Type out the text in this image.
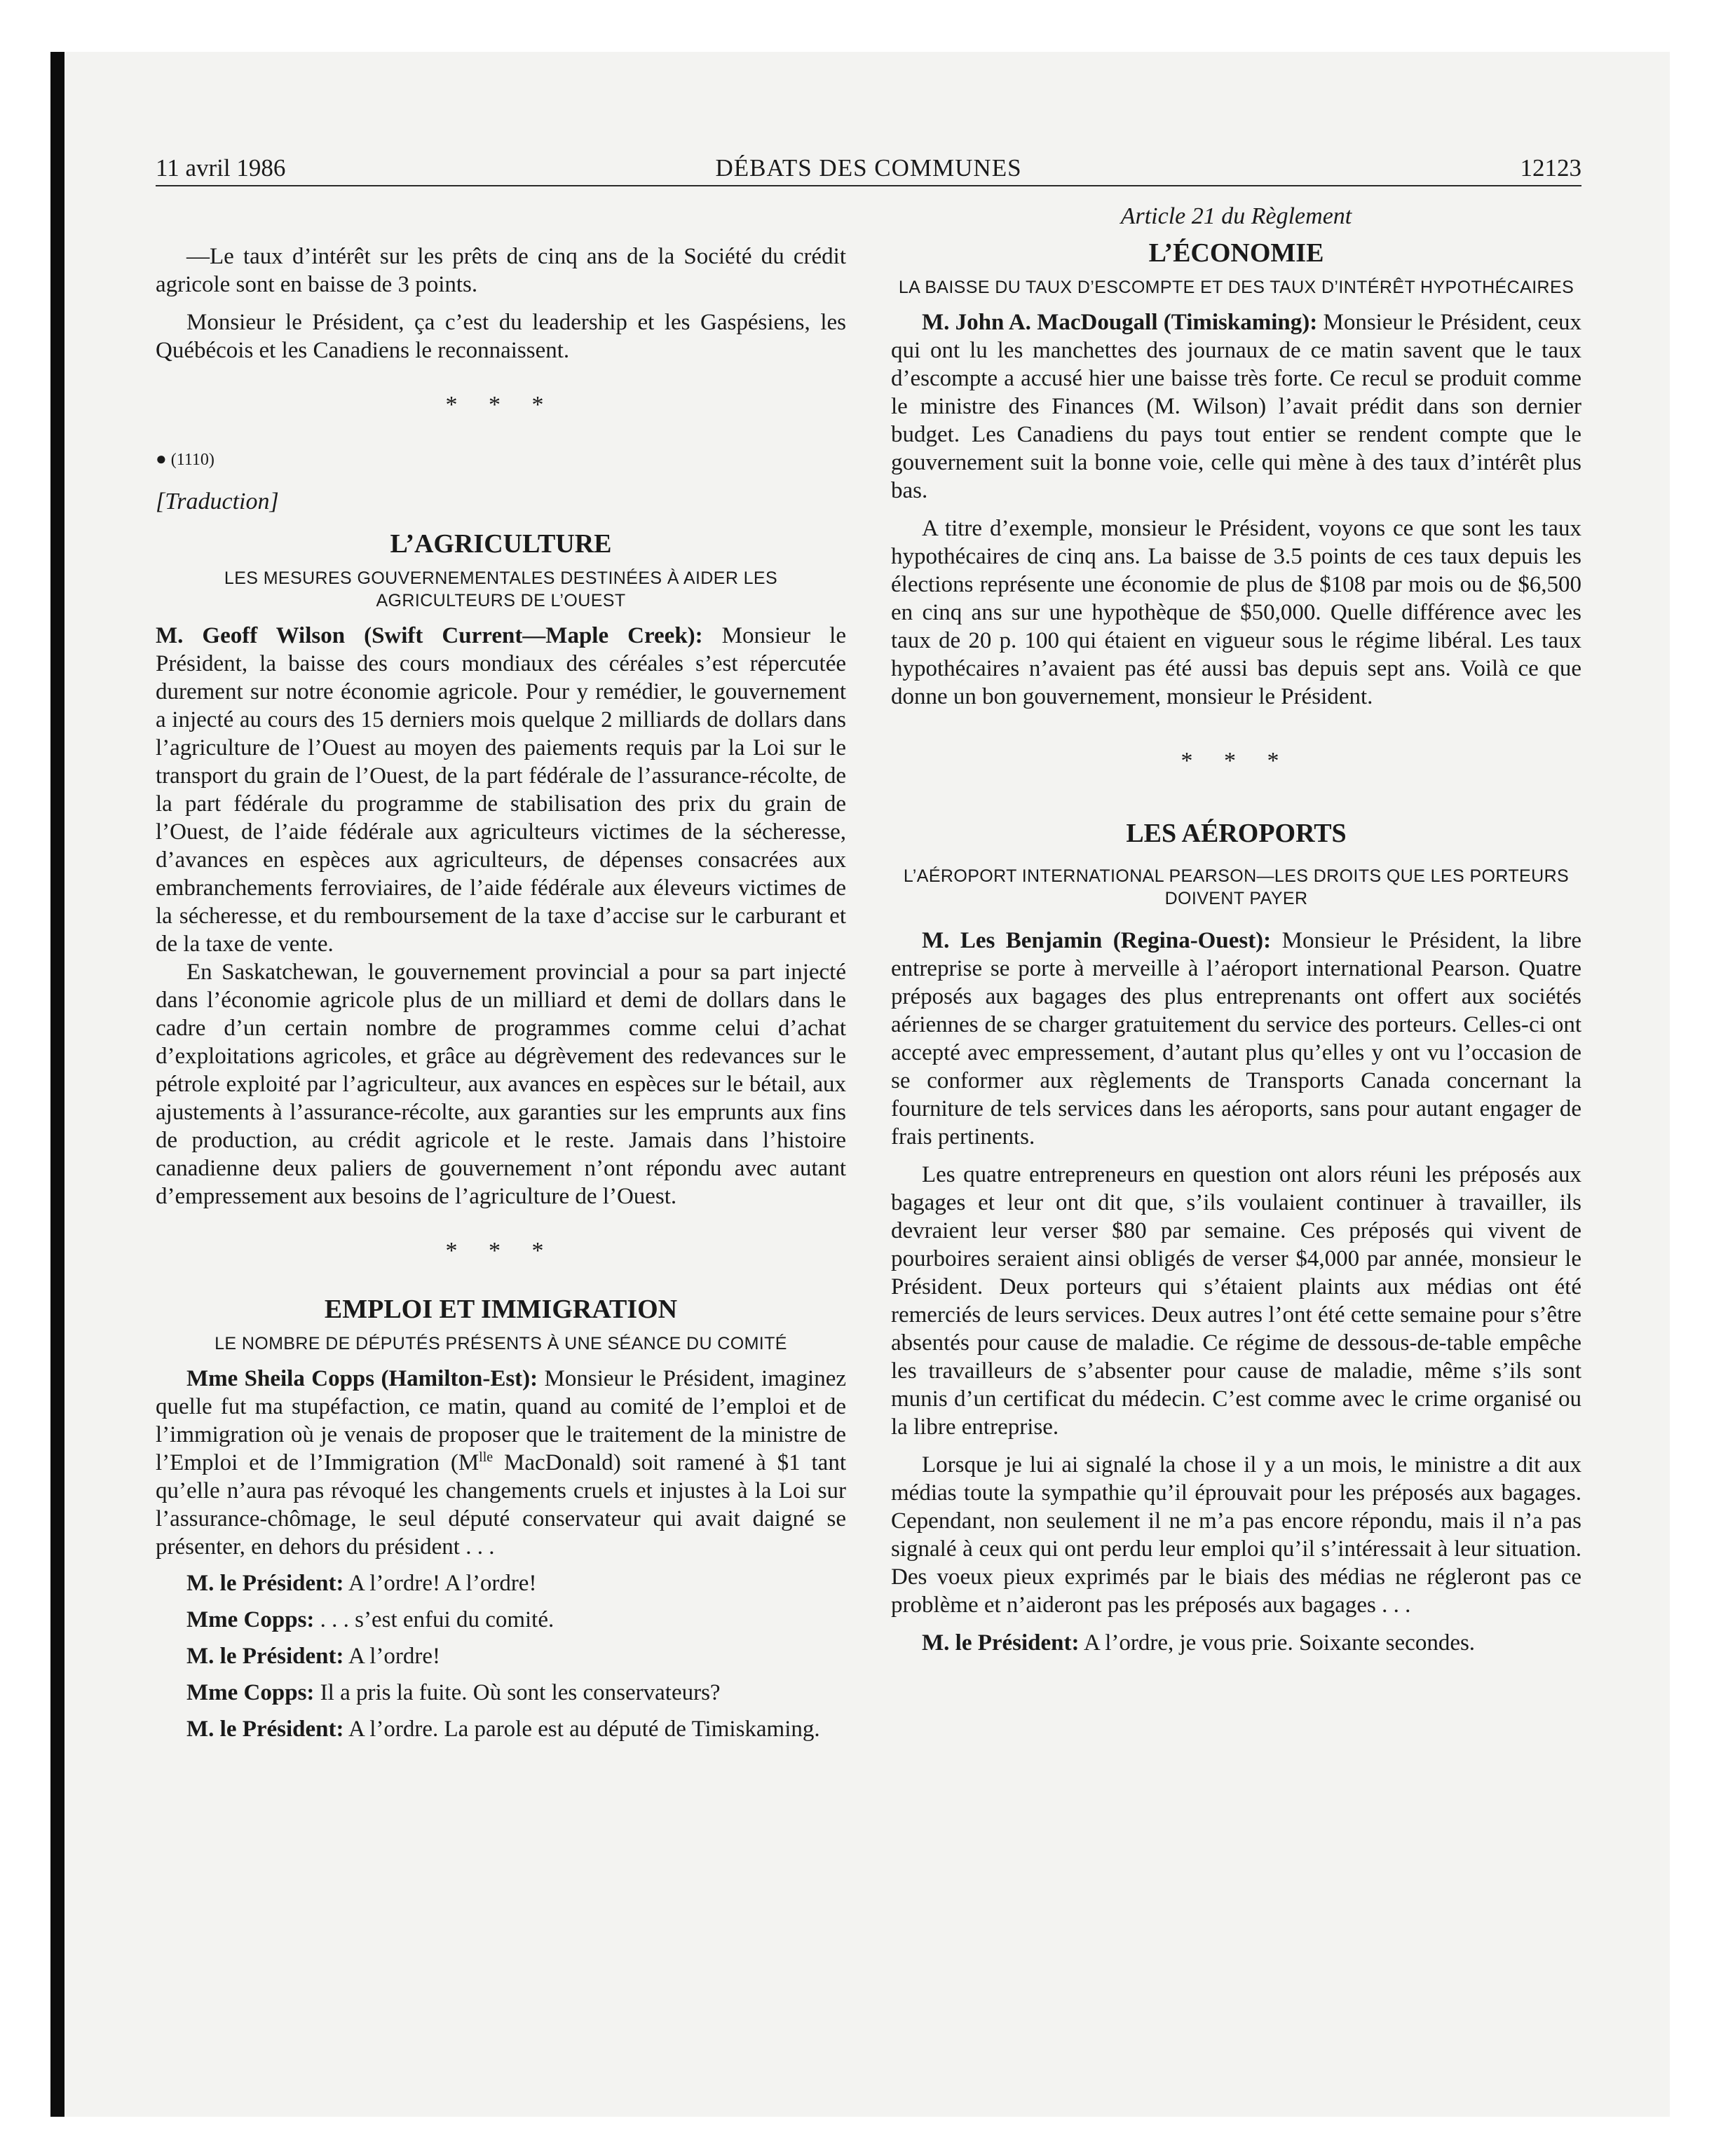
DÉBATS DES COMMUNES
11 avril 1986	12123

—Le taux d’intérêt sur les prêts de cinq ans de la Société du crédit agricole sont en baisse de 3 points.

Monsieur le Président, ça c’est du leadership et les Gaspésiens, les Québécois et les Canadiens le reconnaissent.

* * *
● (1110)
[Traduction]
L’AGRICULTURE
LES MESURES GOUVERNEMENTALES DESTINÉES À AIDER LES AGRICULTEURS DE L’OUEST

M. Geoff Wilson (Swift Current—Maple Creek): Monsieur le Président, la baisse des cours mondiaux des céréales s’est répercutée durement sur notre économie agricole. Pour y remédier, le gouvernement a injecté au cours des 15 derniers mois quelque 2 milliards de dollars dans l’agriculture de l’Ouest au moyen des paiements requis par la Loi sur le transport du grain de l’Ouest, de la part fédérale de l’assurance-récolte, de la part fédérale du programme de stabilisation des prix du grain de l’Ouest, de l’aide fédérale aux agriculteurs victimes de la sécheresse, d’avances en espèces aux agriculteurs, de dépenses consacrées aux embranchements ferroviaires, de l’aide fédérale aux éleveurs victimes de la sécheresse, et du remboursement de la taxe d’accise sur le carburant et de la taxe de vente.

En Saskatchewan, le gouvernement provincial a pour sa part injecté dans l’économie agricole plus de un milliard et demi de dollars dans le cadre d’un certain nombre de programmes comme celui d’achat d’exploitations agricoles, et grâce au dégrèvement des redevances sur le pétrole exploité par l’agriculteur, aux avances en espèces sur le bétail, aux ajustements à l’assurance-récolte, aux garanties sur les emprunts aux fins de production, au crédit agricole et le reste. Jamais dans l’histoire canadienne deux paliers de gouvernement n’ont répondu avec autant d’empressement aux besoins de l’agriculture de l’Ouest.

* * *
EMPLOI ET IMMIGRATION
LE NOMBRE DE DÉPUTÉS PRÉSENTS À UNE SÉANCE DU COMITÉ

Mme Sheila Copps (Hamilton-Est): Monsieur le Président, imaginez quelle fut ma stupéfaction, ce matin, quand au comité de l’emploi et de l’immigration où je venais de proposer que le traitement de la ministre de l’Emploi et de l’Immigration ($M^{lle}$ MacDonald) soit ramené à $1 tant qu’elle n’aura pas révoqué les changements cruels et injustes à la Loi sur l’assurance-chômage, le seul député conservateur qui avait daigné se présenter, en dehors du président . . .

M. le Président: A l’ordre! A l’ordre!

Mme Copps: . . . s’est enfui du comité.

M. le Président: A l’ordre!

Mme Copps: Il a pris la fuite. Où sont les conservateurs?

M. le Président: A l’ordre. La parole est au député de Timiskaming.

Article 21 du Règlement
L’ÉCONOMIE
LA BAISSE DU TAUX D’ESCOMPTE ET DES TAUX D’INTÉRÊT HYPOTHÉCAIRES

M. John A. MacDougall (Timiskaming): Monsieur le Président, ceux qui ont lu les manchettes des journaux de ce matin savent que le taux d’escompte a accusé hier une baisse très forte. Ce recul se produit comme le ministre des Finances (M. Wilson) l’avait prédit dans son dernier budget. Les Canadiens du pays tout entier se rendent compte que le gouvernement suit la bonne voie, celle qui mène à des taux d’intérêt plus bas.

A titre d’exemple, monsieur le Président, voyons ce que sont les taux hypothécaires de cinq ans. La baisse de 3.5 points de ces taux depuis les élections représente une économie de plus de $108 par mois ou de $6,500 en cinq ans sur une hypothèque de $50,000. Quelle différence avec les taux de 20 p. 100 qui étaient en vigueur sous le régime libéral. Les taux hypothécaires n’avaient pas été aussi bas depuis sept ans. Voilà ce que donne un bon gouvernement, monsieur le Président.

* * *
LES AÉROPORTS
L’AÉROPORT INTERNATIONAL PEARSON—LES DROITS QUE LES PORTEURS DOIVENT PAYER

M. Les Benjamin (Regina-Ouest): Monsieur le Président, la libre entreprise se porte à merveille à l’aéroport international Pearson. Quatre préposés aux bagages des plus entreprenants ont offert aux sociétés aériennes de se charger gratuitement du service des porteurs. Celles-ci ont accepté avec empressement, d’autant plus qu’elles y ont vu l’occasion de se conformer aux règlements de Transports Canada concernant la fourniture de tels services dans les aéroports, sans pour autant engager de frais pertinents.

Les quatre entrepreneurs en question ont alors réuni les préposés aux bagages et leur ont dit que, s’ils voulaient continuer à travailler, ils devraient leur verser $80 par semaine. Ces préposés qui vivent de pourboires seraient ainsi obligés de verser $4,000 par année, monsieur le Président. Deux porteurs qui s’étaient plaints aux médias ont été remerciés de leurs services. Deux autres l’ont été cette semaine pour s’être absentés pour cause de maladie. Ce régime de dessous-de-table empêche les travailleurs de s’absenter pour cause de maladie, même s’ils sont munis d’un certificat du médecin. C’est comme avec le crime organisé ou la libre entreprise.

Lorsque je lui ai signalé la chose il y a un mois, le ministre a dit aux médias toute la sympathie qu’il éprouvait pour les préposés aux bagages. Cependant, non seulement il ne m’a pas encore répondu, mais il n’a pas signalé à ceux qui ont perdu leur emploi qu’il s’intéressait à leur situation. Des voeux pieux exprimés par le biais des médias ne régleront pas ce problème et n’aideront pas les préposés aux bagages . . .

M. le Président: A l’ordre, je vous prie. Soixante secondes.
